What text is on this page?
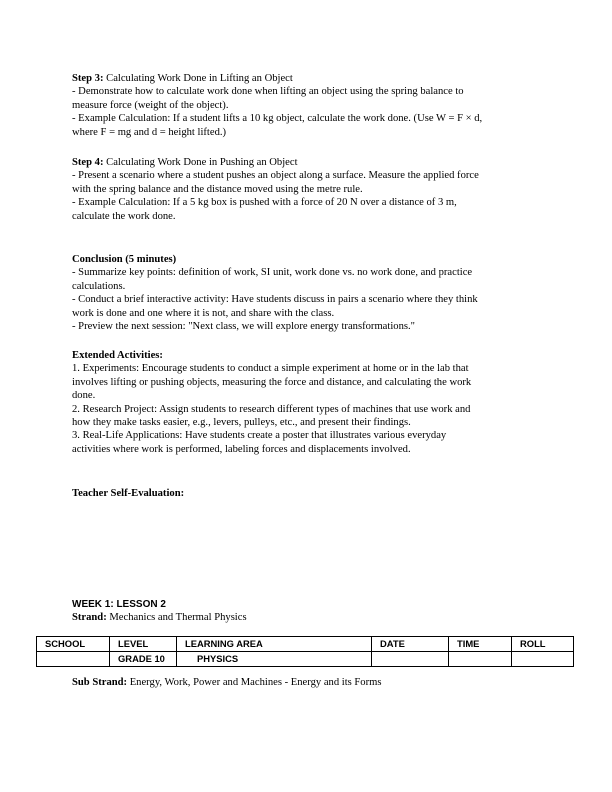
Step 3: Calculating Work Done in Lifting an Object

- Demonstrate how to calculate work done when lifting an object using the spring balance to

measure force (weight of the object).

- Example Calculation: If a student lifts a 10 kg object, calculate the work done. (Use W = F × d,

where F = mg and d = height lifted.)

Step 4: Calculating Work Done in Pushing an Object

- Present a scenario where a student pushes an object along a surface. Measure the applied force

with the spring balance and the distance moved using the metre rule.

- Example Calculation: If a 5 kg box is pushed with a force of 20 N over a distance of 3 m,

calculate the work done.

Conclusion (5 minutes)

- Summarize key points: definition of work, SI unit, work done vs. no work done, and practice

calculations.

- Conduct a brief interactive activity: Have students discuss in pairs a scenario where they think

work is done and one where it is not, and share with the class.

- Preview the next session: "Next class, we will explore energy transformations."

Extended Activities:

1. Experiments: Encourage students to conduct a simple experiment at home or in the lab that

involves lifting or pushing objects, measuring the force and distance, and calculating the work

done.

2. Research Project: Assign students to research different types of machines that use work and

how they make tasks easier, e.g., levers, pulleys, etc., and present their findings.

3. Real-Life Applications: Have students create a poster that illustrates various everyday

activities where work is performed, labeling forces and displacements involved.

Teacher Self-Evaluation:

WEEK 1: LESSON 2
Strand: Mechanics and Thermal Physics
SCHOOL	LEVEL	LEARNING AREA	DATE	TIME	ROLL
	GRADE 10	PHYSICS			
Sub Strand: Energy, Work, Power and Machines - Energy and its Forms
